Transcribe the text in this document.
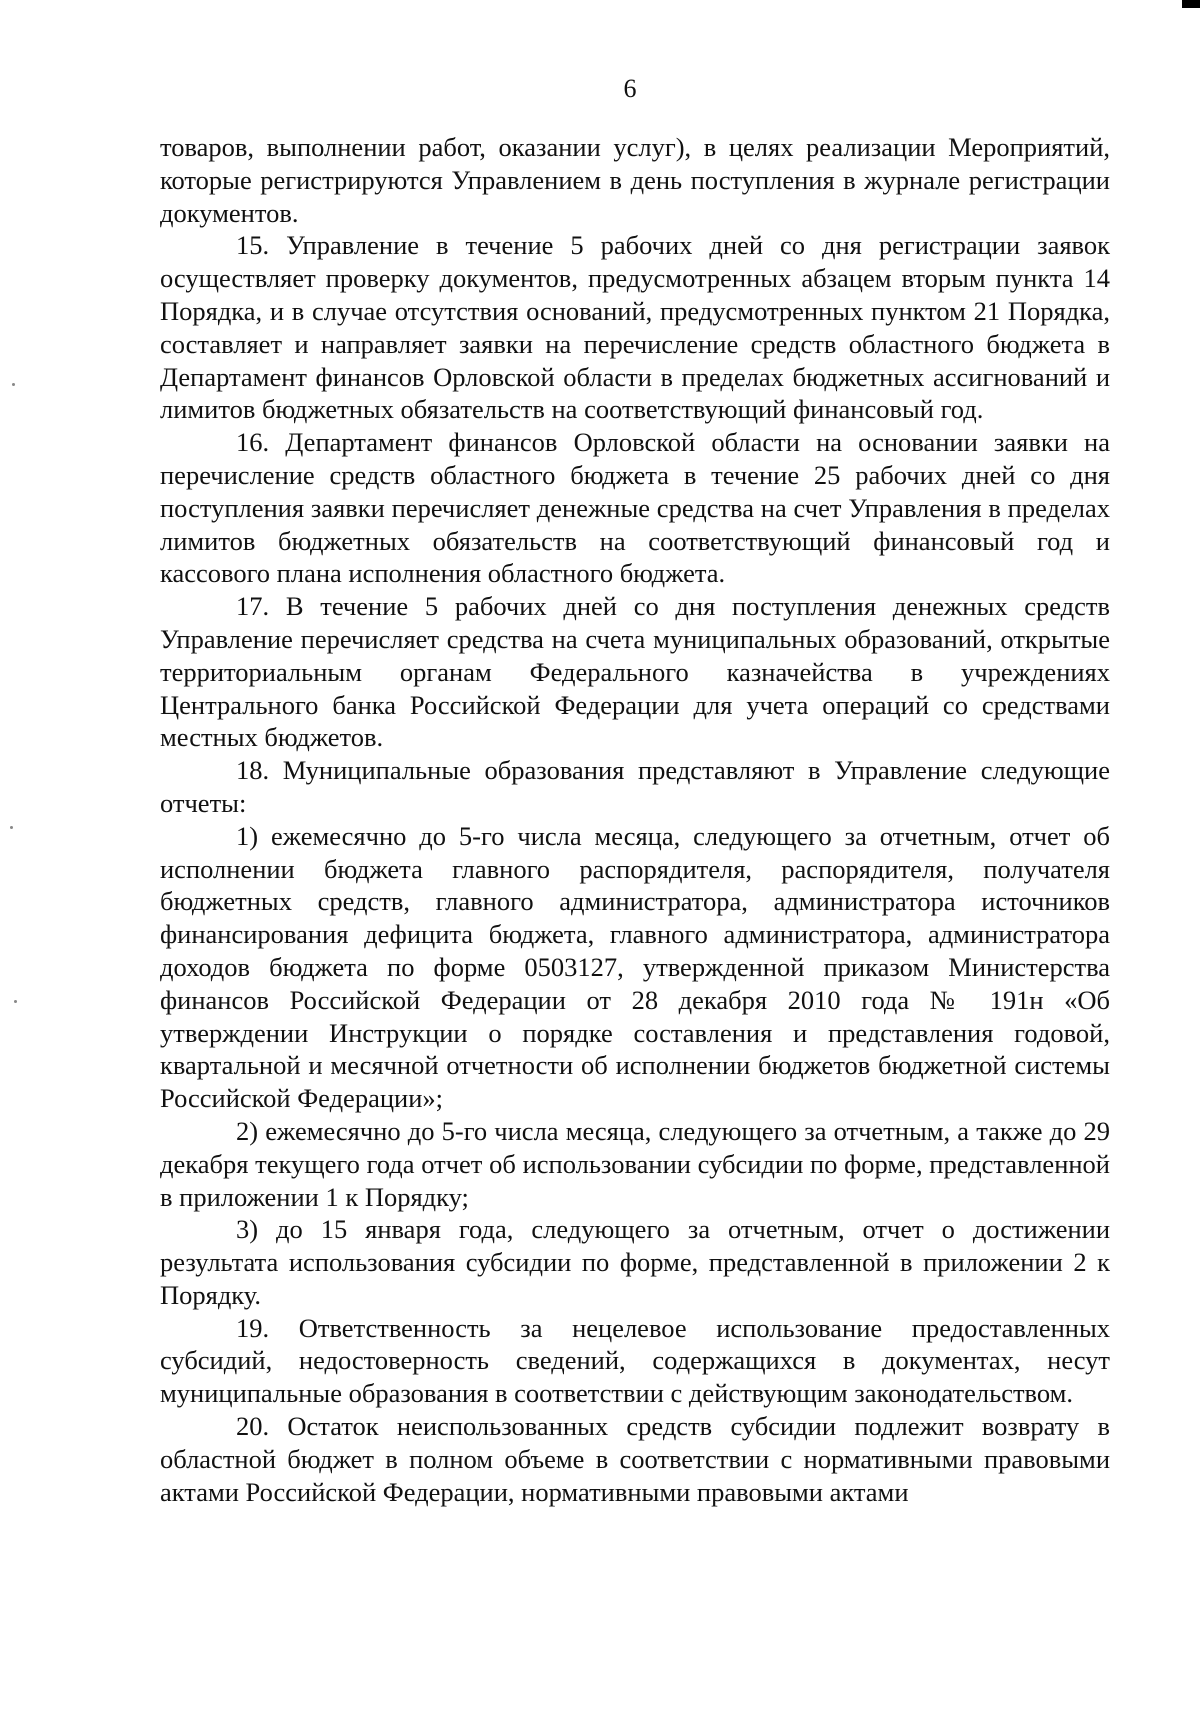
6

товаров, выполнении работ, оказании услуг), в целях реализации Мероприятий, которые регистрируются Управлением в день поступления в журнале регистрации документов.

15. Управление в течение 5 рабочих дней со дня регистрации заявок осуществляет проверку документов, предусмотренных абзацем вторым пункта 14 Порядка, и в случае отсутствия оснований, предусмотренных пунктом 21 Порядка, составляет и направляет заявки на перечисление средств областного бюджета в Департамент финансов Орловской области в пределах бюджетных ассигнований и лимитов бюджетных обязательств на соответствующий финансовый год.

16. Департамент финансов Орловской области на основании заявки на перечисление средств областного бюджета в течение 25 рабочих дней со дня поступления заявки перечисляет денежные средства на счет Управления в пределах лимитов бюджетных обязательств на соответствующий финансовый год и кассового плана исполнения областного бюджета.

17. В течение 5 рабочих дней со дня поступления денежных средств Управление перечисляет средства на счета муниципальных образований, открытые территориальным органам Федерального казначейства в учреждениях Центрального банка Российской Федерации для учета операций со средствами местных бюджетов.

18. Муниципальные образования представляют в Управление следующие отчеты:

1) ежемесячно до 5-го числа месяца, следующего за отчетным, отчет об исполнении бюджета главного распорядителя, распорядителя, получателя бюджетных средств, главного администратора, администратора источников финансирования дефицита бюджета, главного администратора, администратора доходов бюджета по форме 0503127, утвержденной приказом Министерства финансов Российской Федерации от 28 декабря 2010 года № 191н «Об утверждении Инструкции о порядке составления и представления годовой, квартальной и месячной отчетности об исполнении бюджетов бюджетной системы Российской Федерации»;

2) ежемесячно до 5-го числа месяца, следующего за отчетным, а также до 29 декабря текущего года отчет об использовании субсидии по форме, представленной в приложении 1 к Порядку;

3) до 15 января года, следующего за отчетным, отчет о достижении результата использования субсидии по форме, представленной в приложении 2 к Порядку.

19. Ответственность за нецелевое использование предоставленных субсидий, недостоверность сведений, содержащихся в документах, несут муниципальные образования в соответствии с действующим законодательством.

20. Остаток неиспользованных средств субсидии подлежит возврату в областной бюджет в полном объеме в соответствии с нормативными правовыми актами Российской Федерации, нормативными правовыми актами
